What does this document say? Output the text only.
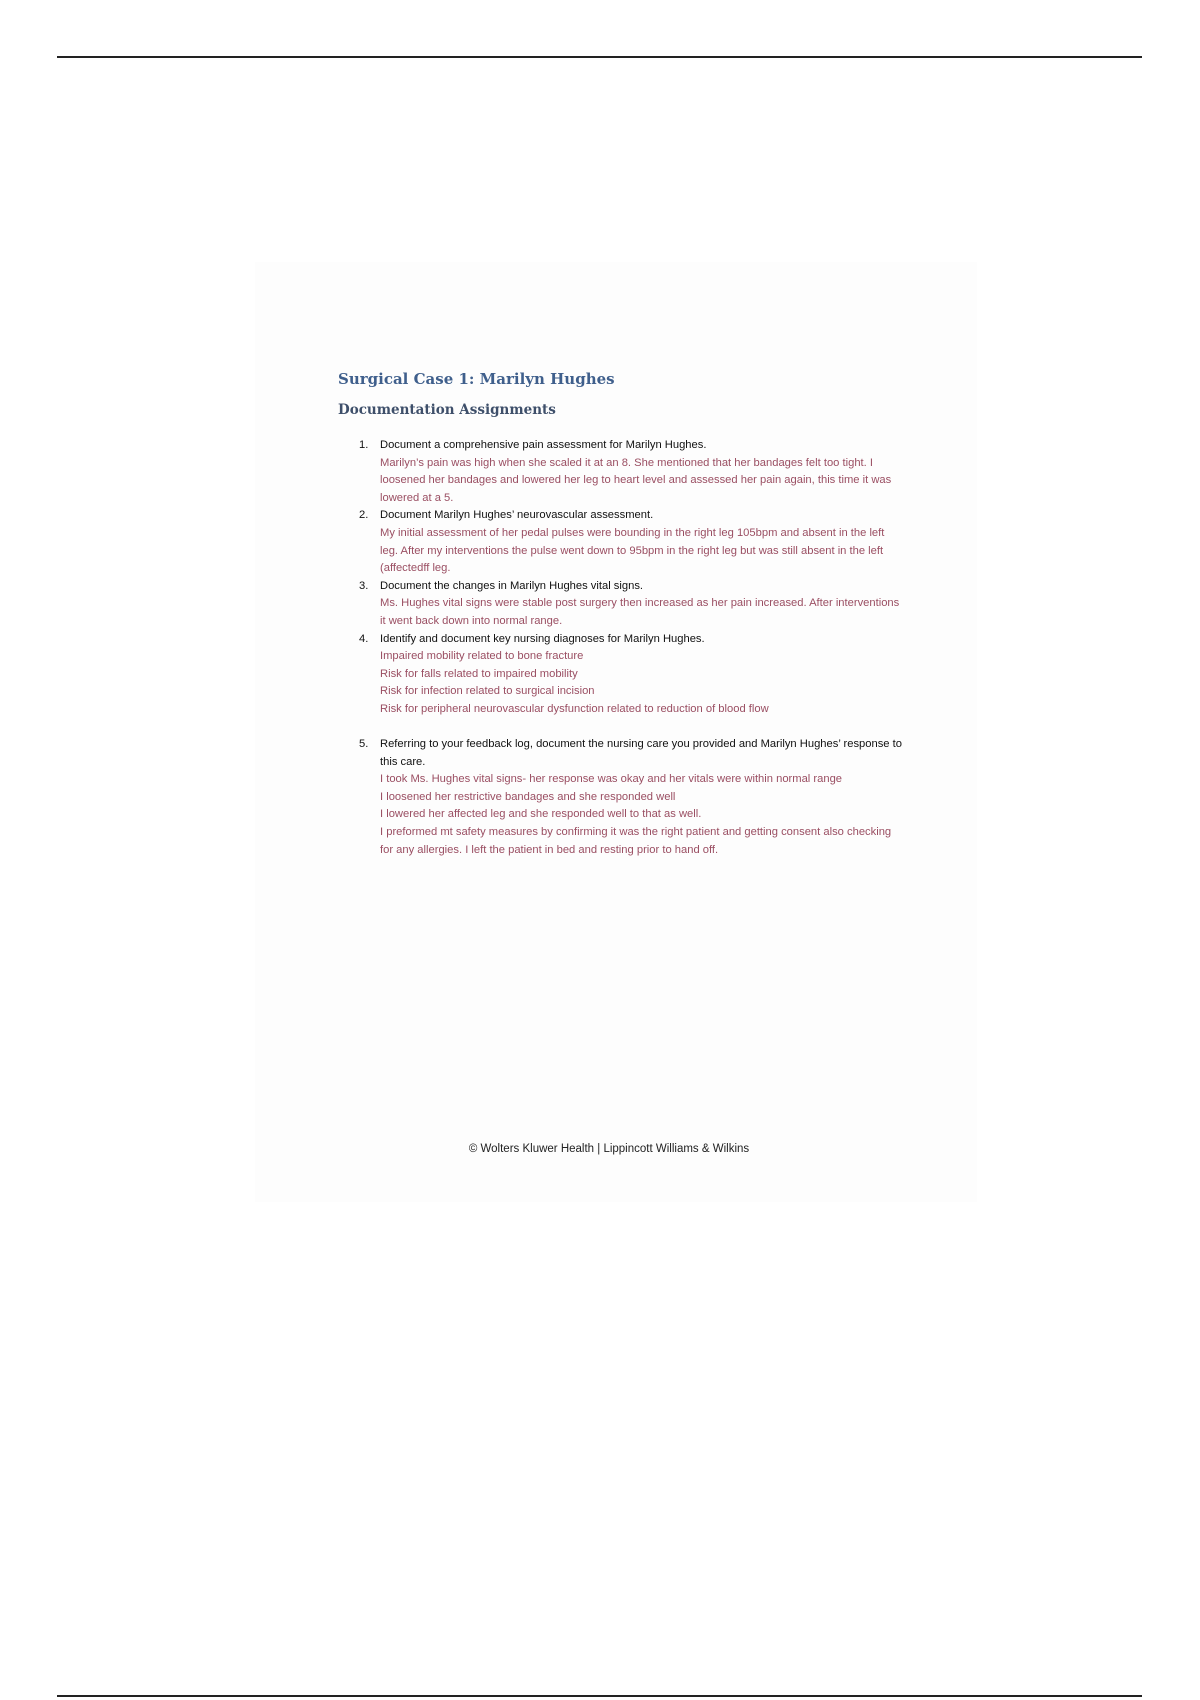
Surgical Case 1: Marilyn Hughes
Documentation Assignments
1.	Document a comprehensive pain assessment for Marilyn Hughes.
Marilyn’s pain was high when she scaled it at an 8. She mentioned that her bandages felt too tight. I loosened her bandages and lowered her leg to heart level and assessed her pain again, this time it was lowered at a 5.
2.	Document Marilyn Hughes’ neurovascular assessment.
My initial assessment of her pedal pulses were bounding in the right leg 105bpm and absent in the left leg. After my interventions the pulse went down to 95bpm in the right leg but was still absent in the left (affectedff leg.
3.	Document the changes in Marilyn Hughes vital signs.
Ms. Hughes vital signs were stable post surgery then increased as her pain increased. After interventions it went back down into normal range.
4.	Identify and document key nursing diagnoses for Marilyn Hughes.
Impaired mobility related to bone fracture
Risk for falls related to impaired mobility
Risk for infection related to surgical incision
Risk for peripheral neurovascular dysfunction related to reduction of blood flow
5.	Referring to your feedback log, document the nursing care you provided and Marilyn Hughes’ response to this care.
I took Ms. Hughes vital signs- her response was okay and her vitals were within normal range
I loosened her restrictive bandages and she responded well
I lowered her affected leg and she responded well to that as well.
I preformed mt safety measures by confirming it was the right patient and getting consent also checking for any allergies. I left the patient in bed and resting prior to hand off.
© Wolters Kluwer Health | Lippincott Williams & Wilkins
